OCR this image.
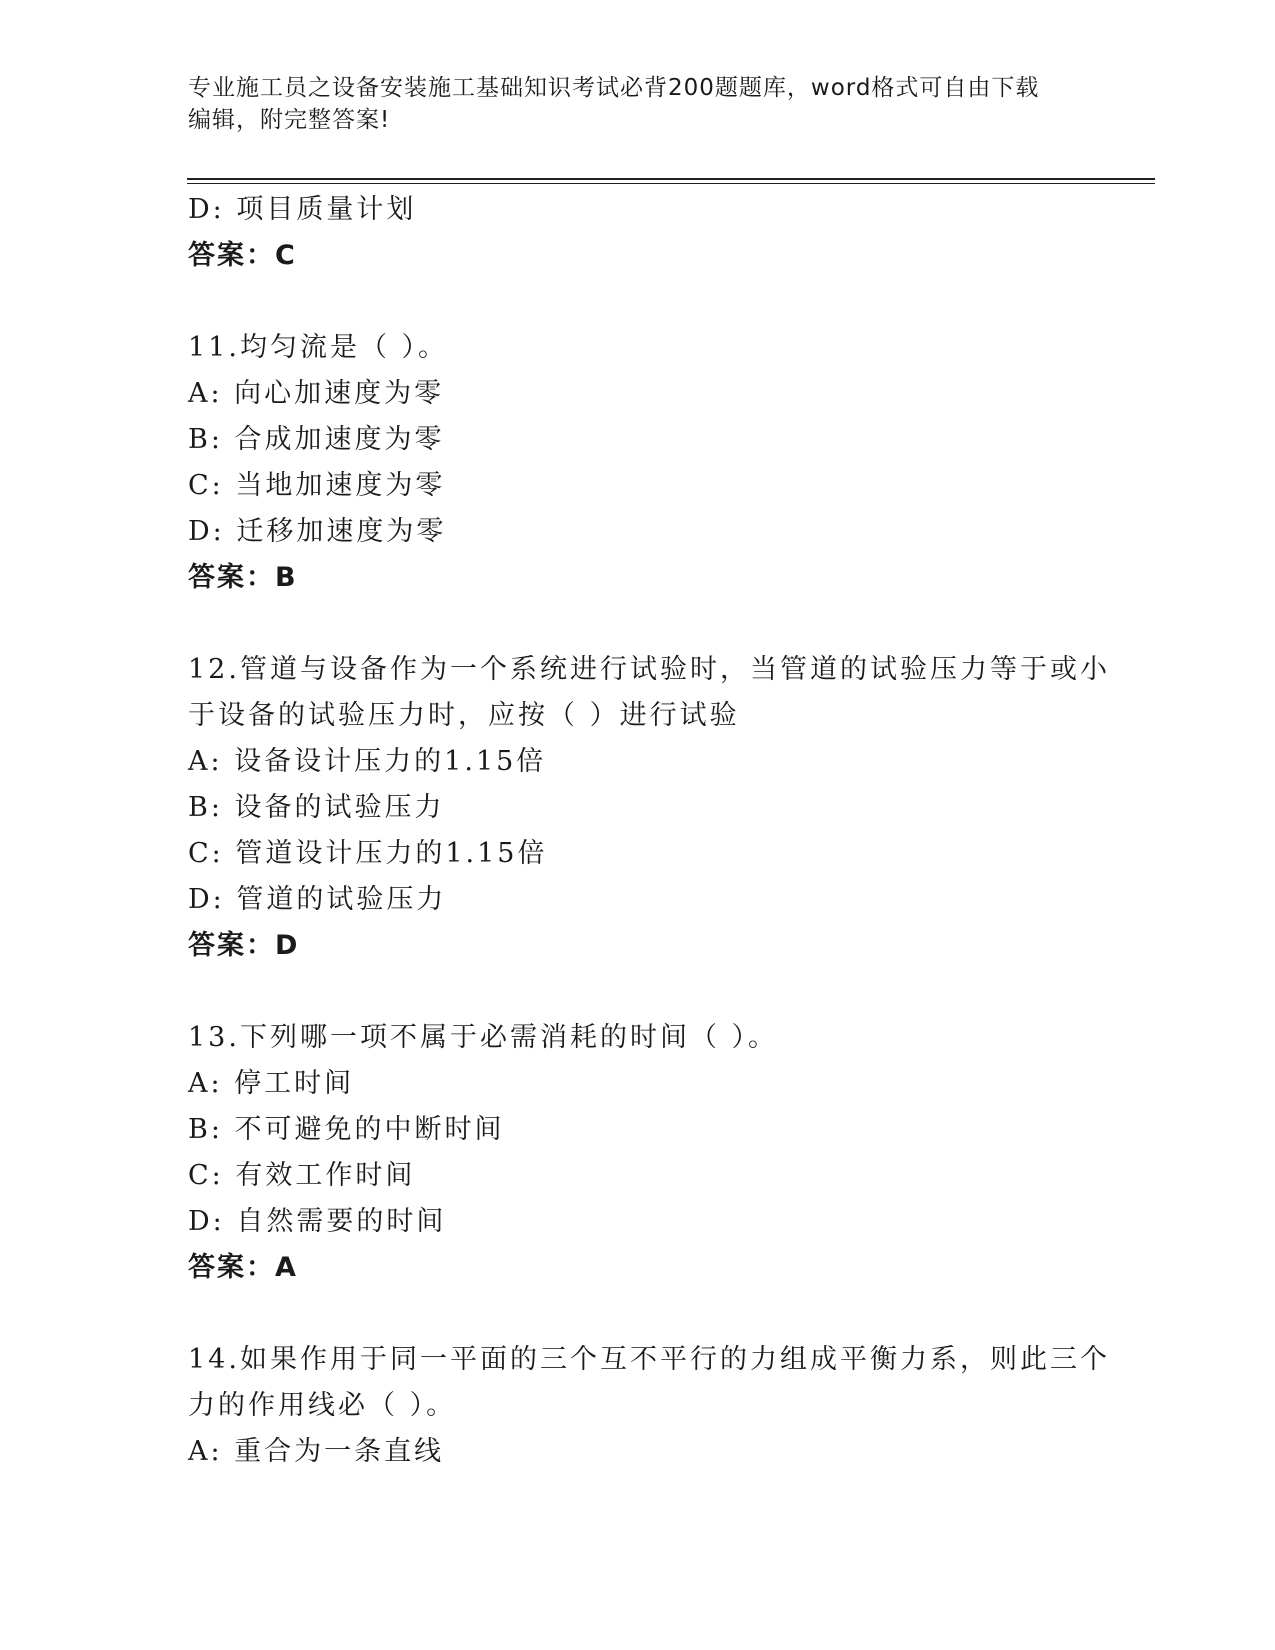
专业施工员之设备安装施工基础知识考试必背200题题库，word格式可自由下载
编辑，附完整答案!
D: 项目质量计划
答案：C
11.均匀流是（ ）。
A: 向心加速度为零
B: 合成加速度为零
C: 当地加速度为零
D: 迁移加速度为零
答案：B
12.管道与设备作为一个系统进行试验时，当管道的试验压力等于或小
于设备的试验压力时，应按（ ）进行试验
A: 设备设计压力的1.15倍
B: 设备的试验压力
C: 管道设计压力的1.15倍
D: 管道的试验压力
答案：D
13.下列哪一项不属于必需消耗的时间（ ）。
A: 停工时间
B: 不可避免的中断时间
C: 有效工作时间
D: 自然需要的时间
答案：A
14.如果作用于同一平面的三个互不平行的力组成平衡力系，则此三个
力的作用线必（ ）。
A: 重合为一条直线
